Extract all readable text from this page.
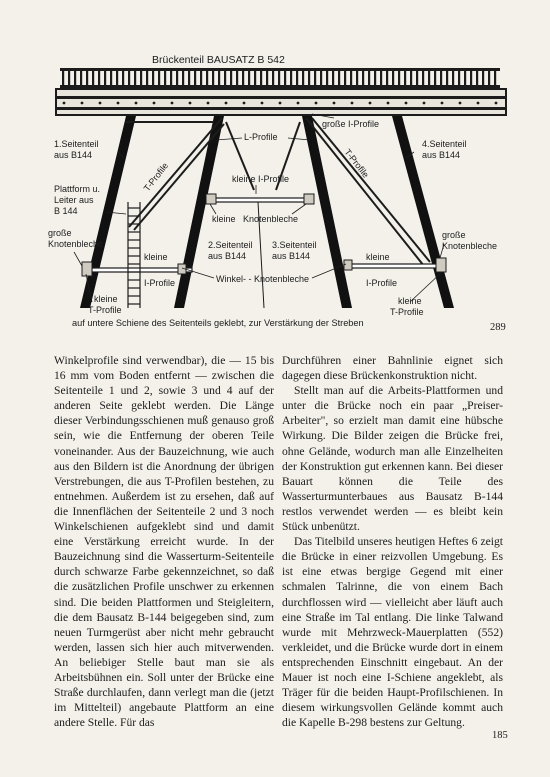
Brückenteil BAUSATZ B 542
große I-Profile
L-Profile
1.Seitenteil
aus B144
4.Seitenteil
aus B144
T-Profile	T-Profile
kleine I-Profile
Plattform u.
Leiter aus
B 144
kleine   Knotenbleche
große
Knotenbleche
große
Knotenbleche
kleine
I-Profile
2.Seitenteil
aus B144
3.Seitenteil
aus B144	kleine
I-Profile
Winkel- - Knotenbleche
kleine
T-Profile
kleine
T-Profile
auf untere Schiene des Seitenteils geklebt, zur Verstärkung der Streben	289

Winkelprofile sind verwendbar), die — 15 bis 16 mm vom Boden entfernt — zwischen die Seitenteile 1 und 2, sowie 3 und 4 auf der anderen Seite geklebt werden. Die Länge dieser Verbindungsschienen muß genauso groß sein, wie die Entfernung der oberen Teile voneinander. Aus der Bauzeichnung, wie auch aus den Bildern ist die Anordnung der übrigen Verstrebungen, die aus T-Profilen bestehen, zu entnehmen. Außerdem ist zu ersehen, daß auf die Innenflächen der Seitenteile 2 und 3 noch Winkelschienen aufgeklebt sind und damit eine Verstärkung erreicht wurde. In der Bauzeichnung sind die Wasserturm-Seitenteile durch schwarze Farbe gekennzeichnet, so daß die zusätzlichen Profile unschwer zu erkennen sind. Die beiden Plattformen und Steigleitern, die dem Bausatz B-144 beigegeben sind, zum neuen Turmgerüst aber nicht mehr gebraucht werden, lassen sich hier auch mitverwenden. An beliebiger Stelle baut man sie als Arbeitsbühnen ein. Soll unter der Brücke eine Straße durchlaufen, dann verlegt man die (jetzt im Mittelteil) angebaute Plattform an eine andere Stelle. Für das

Durchführen einer Bahnlinie eignet sich dagegen diese Brückenkonstruktion nicht.

Stellt man auf die Arbeits-Plattformen und unter die Brücke noch ein paar „Preiser-Arbeiter", so erzielt man damit eine hübsche Wirkung. Die Bilder zeigen die Brücke frei, ohne Gelände, wodurch man alle Einzelheiten der Konstruktion gut erkennen kann. Bei dieser Bauart können die Teile des Wasserturmunterbaues aus Bausatz B-144 restlos verwendet werden — es bleibt kein Stück unbenützt.

Das Titelbild unseres heutigen Heftes 6 zeigt die Brücke in einer reizvollen Umgebung. Es ist eine etwas bergige Gegend mit einer schmalen Talrinne, die von einem Bach durchflossen wird — vielleicht aber läuft auch eine Straße im Tal entlang. Die linke Talwand wurde mit Mehrzweck-Mauerplatten (552) verkleidet, und die Brücke wurde dort in einem entsprechenden Einschnitt eingebaut. An der Mauer ist noch eine I-Schiene angeklebt, als Träger für die beiden Haupt-Profilschienen. In diesem wirkungsvollen Gelände kommt auch die Kapelle B-298 bestens zur Geltung.

185
